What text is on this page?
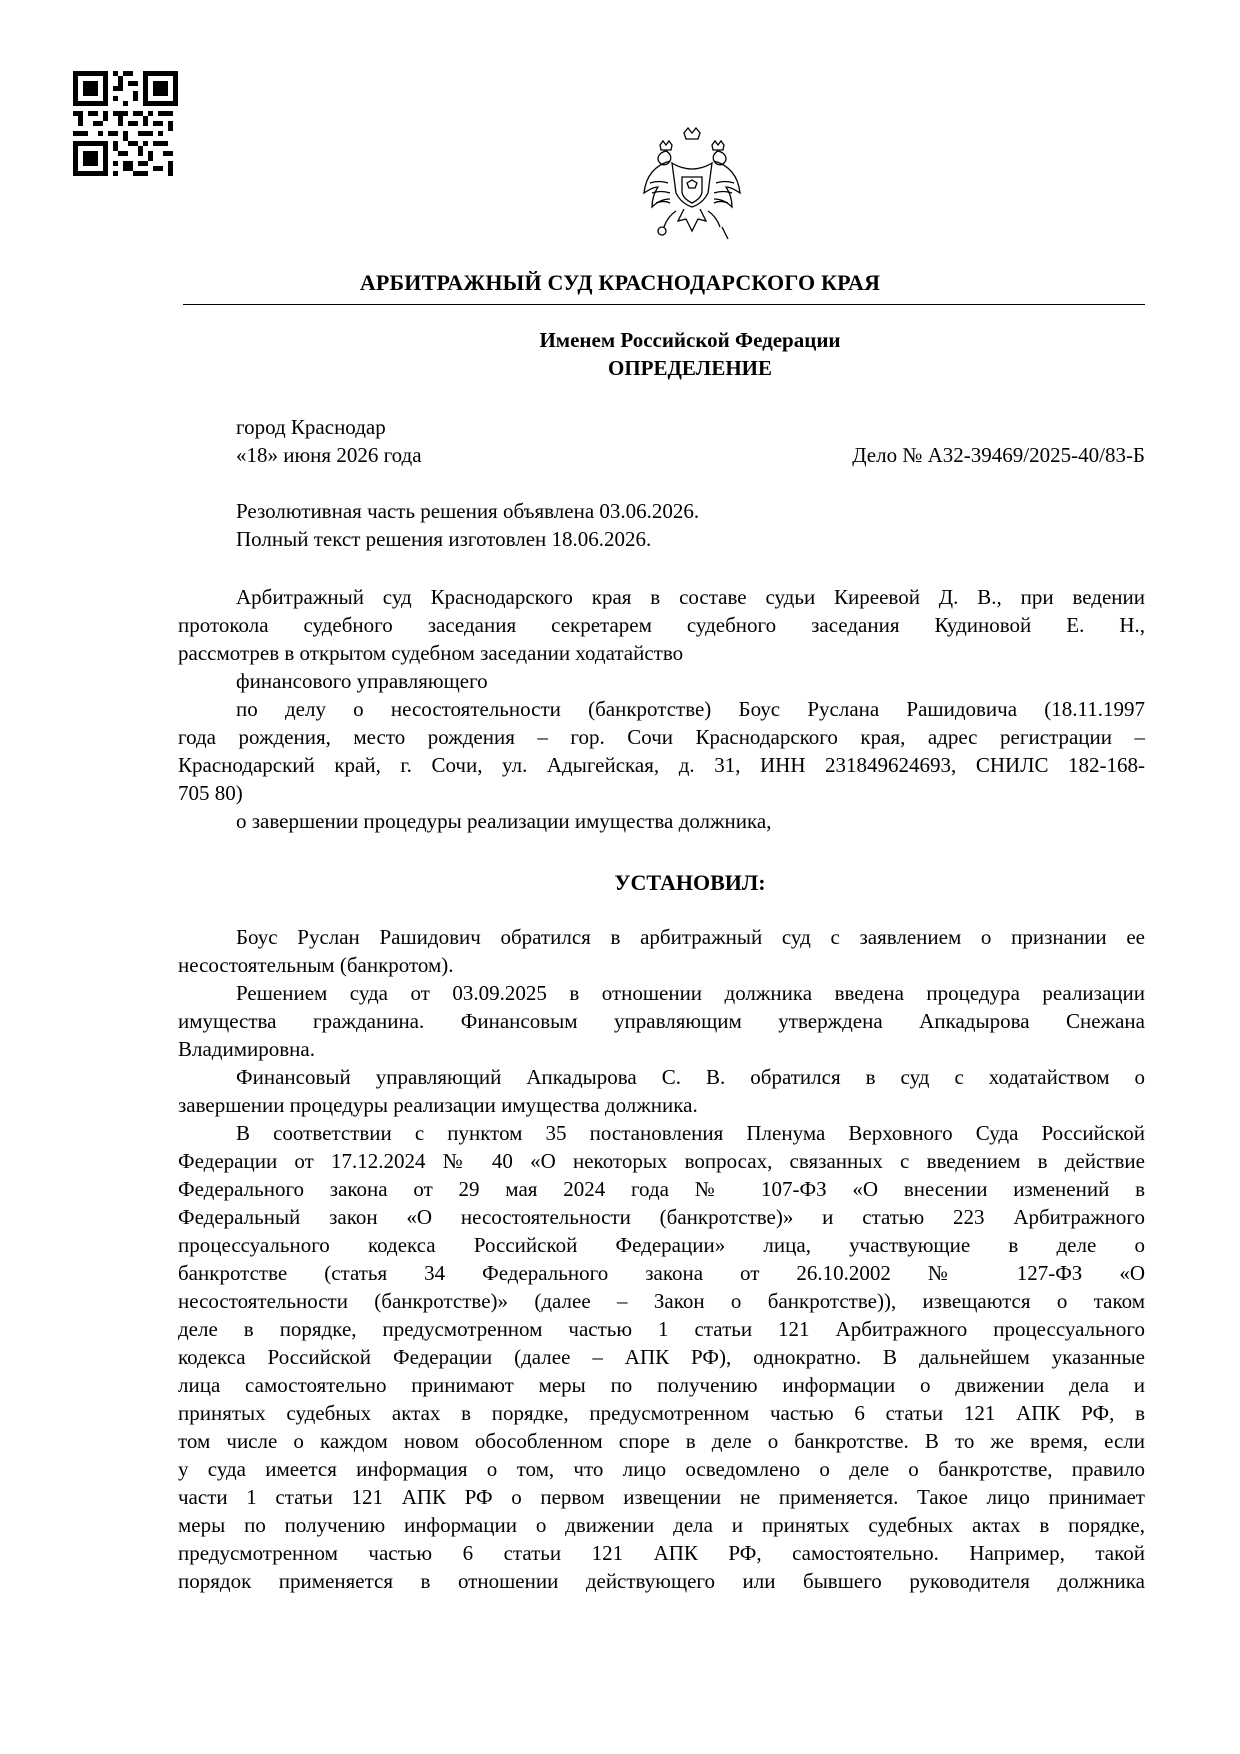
АРБИТРАЖНЫЙ СУД КРАСНОДАРСКОГО КРАЯ
Именем Российской Федерации
ОПРЕДЕЛЕНИЕ
город Краснодар
«18» июня 2026 года	Дело № А32-39469/2025-40/83-Б
Резолютивная часть решения объявлена 03.06.2026.
Полный текст решения изготовлен 18.06.2026.
Арбитражный суд Краснодарского края в составе судьи Киреевой Д. В., при ведении
протокола судебного заседания секретарем судебного заседания Кудиновой Е. Н.,
рассмотрев в открытом судебном заседании ходатайство
финансового управляющего
по делу о несостоятельности (банкротстве) Боус Руслана Рашидовича (18.11.1997
года рождения, место рождения – гор. Сочи Краснодарского края, адрес регистрации –
Краснодарский край, г. Сочи, ул. Адыгейская, д. 31, ИНН 231849624693, СНИЛС 182-168-
705 80)
о завершении процедуры реализации имущества должника,
УСТАНОВИЛ:
Боус Руслан Рашидович обратился в арбитражный суд с заявлением о признании ее
несостоятельным (банкротом).
Решением суда от 03.09.2025 в отношении должника введена процедура реализации
имущества гражданина. Финансовым управляющим утверждена Апкадырова Снежана
Владимировна.
Финансовый управляющий Апкадырова С. В. обратился в суд с ходатайством о
завершении процедуры реализации имущества должника.
В соответствии с пунктом 35 постановления Пленума Верховного Суда Российской
Федерации от 17.12.2024 № 40 «О некоторых вопросах, связанных с введением в действие
Федерального закона от 29 мая 2024 года № 107-ФЗ «О внесении изменений в
Федеральный закон «О несостоятельности (банкротстве)» и статью 223 Арбитражного
процессуального кодекса Российской Федерации» лица, участвующие в деле о
банкротстве (статья 34 Федерального закона от 26.10.2002 № 127-ФЗ «О
несостоятельности (банкротстве)» (далее – Закон о банкротстве)), извещаются о таком
деле в порядке, предусмотренном частью 1 статьи 121 Арбитражного процессуального
кодекса Российской Федерации (далее – АПК РФ), однократно. В дальнейшем указанные
лица самостоятельно принимают меры по получению информации о движении дела и
принятых судебных актах в порядке, предусмотренном частью 6 статьи 121 АПК РФ, в
том числе о каждом новом обособленном споре в деле о банкротстве. В то же время, если
у суда имеется информация о том, что лицо осведомлено о деле о банкротстве, правило
части 1 статьи 121 АПК РФ о первом извещении не применяется. Такое лицо принимает
меры по получению информации о движении дела и принятых судебных актах в порядке,
предусмотренном частью 6 статьи 121 АПК РФ, самостоятельно. Например, такой
порядок применяется в отношении действующего или бывшего руководителя должника
